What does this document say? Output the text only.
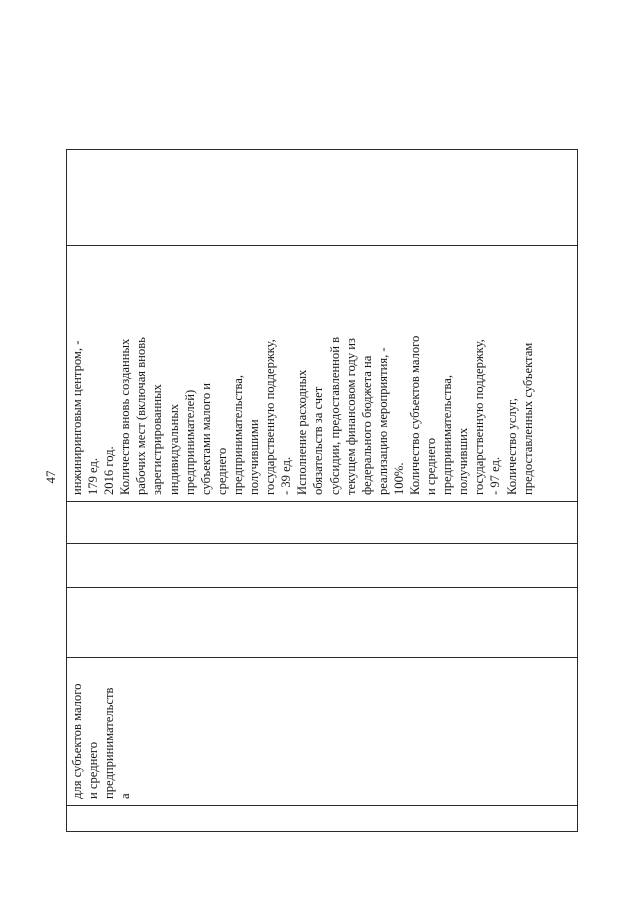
47
	для субъектов малого
и среднего
предпринимательств
а				инжиниринговым центром, -
179 ед.
2016 год.
Количество вновь созданных
рабочих мест (включая вновь
зарегистрированных
индивидуальных
предпринимателей)
субъектами малого и
среднего
предпринимательства,
получившими
государственную поддержку,
- 39 ед.
Исполнение расходных
обязательств за счет
субсидии, предоставленной в
текущем финансовом году из
федерального бюджета на
реализацию мероприятия, -
100%.
Количество субъектов малого
и среднего
предпринимательства,
получивших
государственную поддержку,
- 97 ед.
Количество услуг,
предоставленных субъектам	
